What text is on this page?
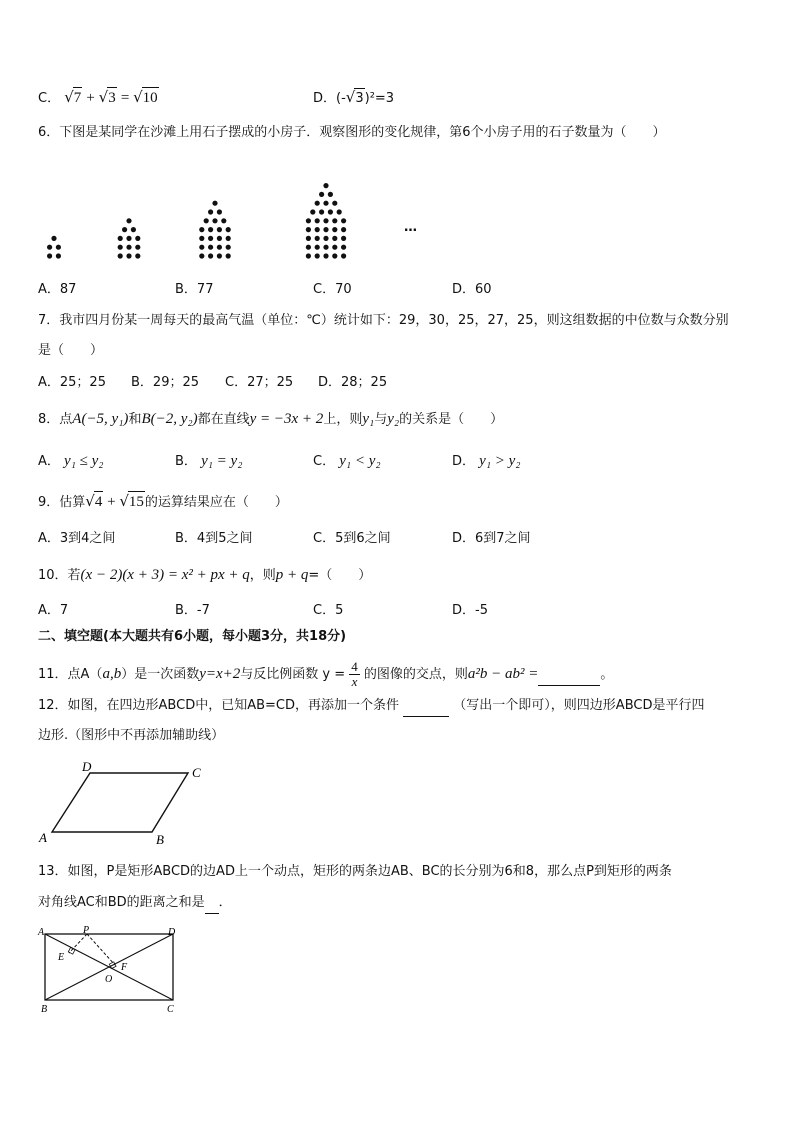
C． √7 + √3 = √10	D．(-√3)²=3
6．下图是某同学在沙滩上用石子摆成的小房子．观察图形的变化规律，第6个小房子用的石子数量为（　　）
…
A．87	B．77	C．70	D．60
7．我市四月份某一周每天的最高气温（单位：℃）统计如下：29，30，25，27，25，则这组数据的中位数与众数分别
是（　　）
A．25；25 B．29；25 C．27；25 D．28；25
8．点A(−5, y₁)和B(−2, y₂)都在直线y = −3x + 2上，则y₁与y₂的关系是（　　）
A． y₁ ≤ y₂	B． y₁ = y₂	C． y₁ < y₂	D． y₁ > y₂
9．估算√4 + √15的运算结果应在（　　）
A．3到4之间	B．4到5之间	C．5到6之间	D．6到7之间
10．若(x − 2)(x + 3) = x² + px + q，则p + q=（　　）
A．7	B．-7	C．5	D．-5
二、填空题(本大题共有6小题，每小题3分，共18分)
11．点A（a,b）是一次函数y=x+2与反比例函数 $y = \frac{4}{x}$ 的图像的交点，则a²b − ab² =	。
12．如图，在四边形ABCD中，已知AB=CD，再添加一个条件	（写出一个即可），则四边形ABCD是平行四
边形.（图形中不再添加辅助线）
D	C
A	B
13．如图，P是矩形ABCD的边AD上一个动点，矩形的两条边AB、BC的长分别为6和8，那么点P到矩形的两条
对角线AC和BD的距离之和是 ．
A	P	D
E
F
O
B	C
